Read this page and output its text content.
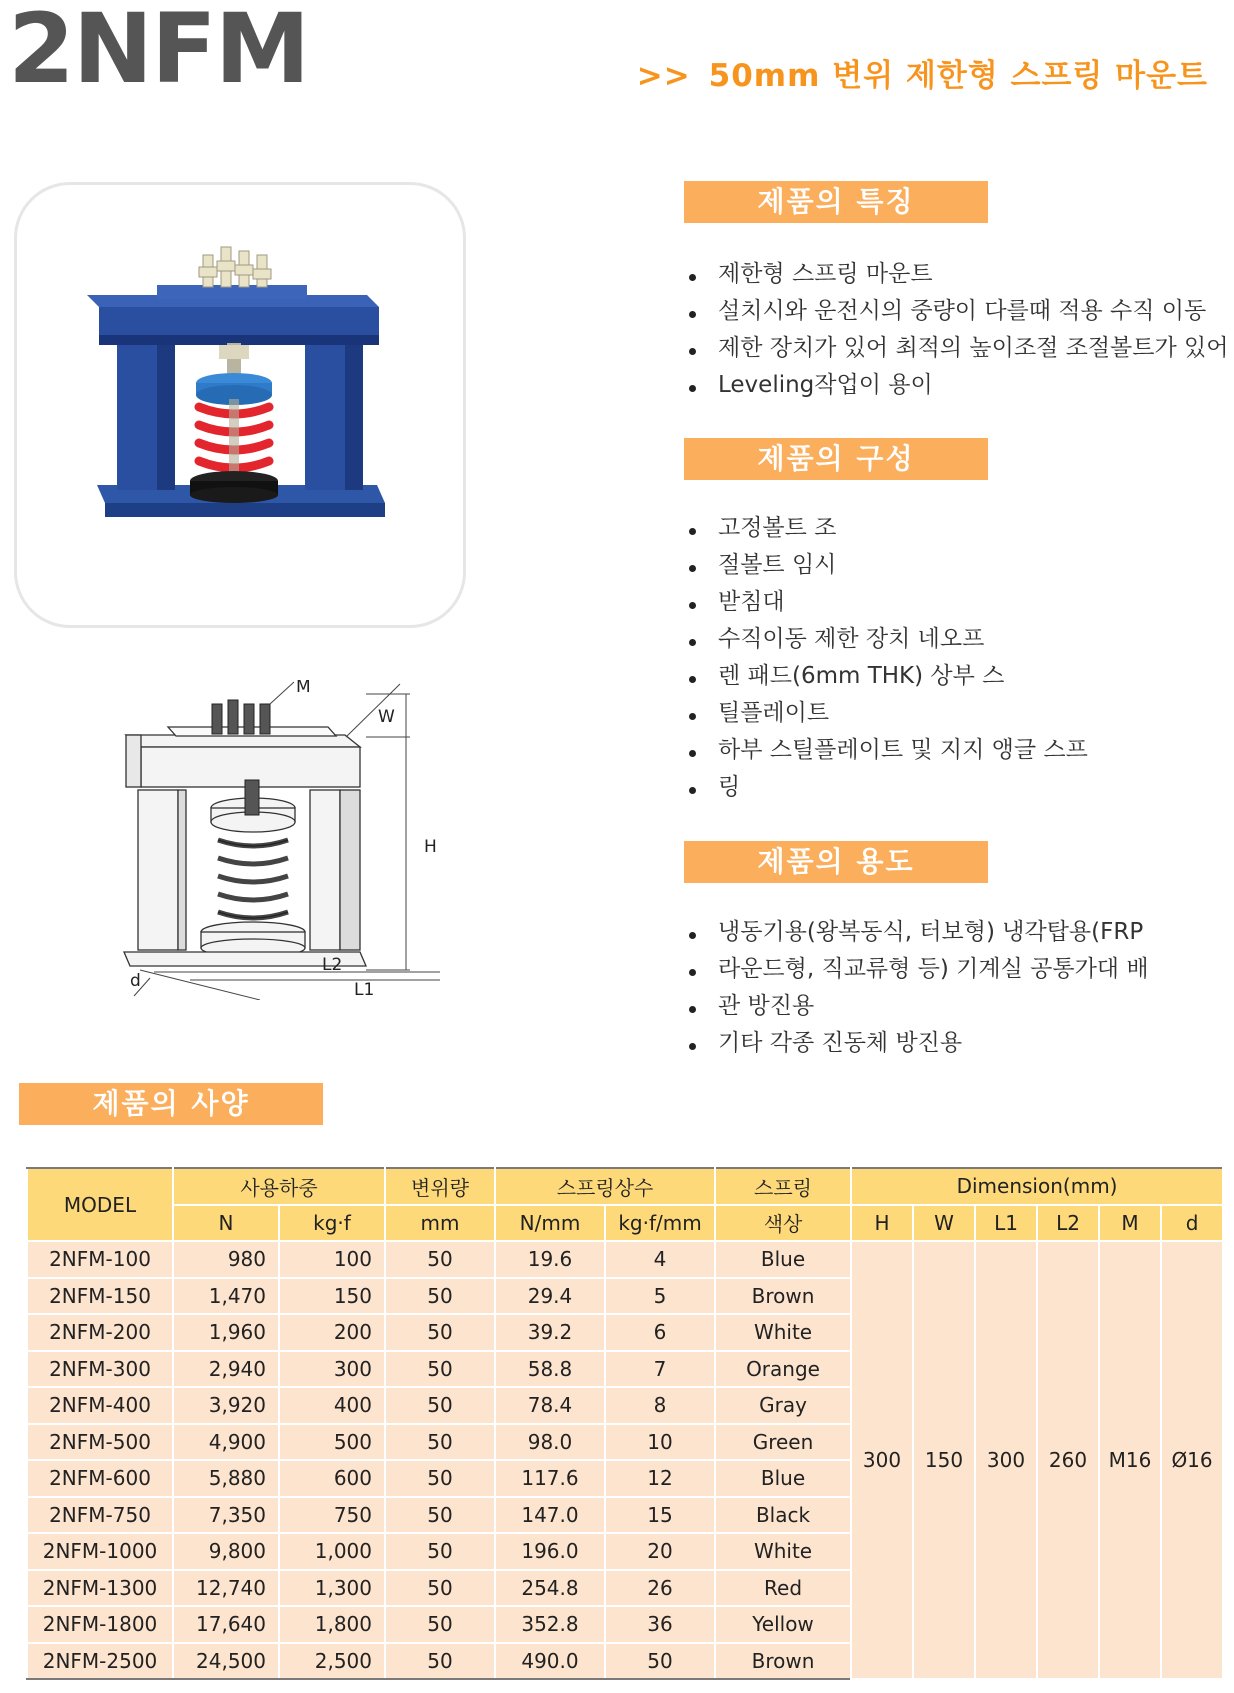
2NFM	>> 50mm 변위 제한형 스프링 마운트
M
W
H
L2
L1
d
제품의 특징
제한형 스프링 마운트
설치시와 운전시의 중량이 다를때 적용 수직 이동
제한 장치가 있어 최적의 높이조절 조절볼트가 있어
Leveling작업이 용이
제품의 구성
고정볼트 조
절볼트 임시
받침대
수직이동 제한 장치 네오프
렌 패드(6mm THK) 상부 스
틸플레이트
하부 스틸플레이트 및 지지 앵글 스프
링
제품의 용도
냉동기용(왕복동식, 터보형) 냉각탑용(FRP
라운드형, 직교류형 등) 기계실 공통가대 배
관 방진용
기타 각종 진동체 방진용
제품의 사양
MODEL	사용하중		변위량	스프링상수		스프링	Dimension(mm)					
	N	kg·f	mm	N/mm	kg·f/mm	색상	H	W	L1	L2	M	d
2NFM-100	980	100	50	19.6	4	Blue	300	150	300	260	M16	Ø16
2NFM-150	1,470	150	50	29.4	5	Brown						
2NFM-200	1,960	200	50	39.2	6	White						
2NFM-300	2,940	300	50	58.8	7	Orange						
2NFM-400	3,920	400	50	78.4	8	Gray						
2NFM-500	4,900	500	50	98.0	10	Green						
2NFM-600	5,880	600	50	117.6	12	Blue						
2NFM-750	7,350	750	50	147.0	15	Black						
2NFM-1000	9,800	1,000	50	196.0	20	White						
2NFM-1300	12,740	1,300	50	254.8	26	Red						
2NFM-1800	17,640	1,800	50	352.8	36	Yellow						
2NFM-2500	24,500	2,500	50	490.0	50	Brown						
